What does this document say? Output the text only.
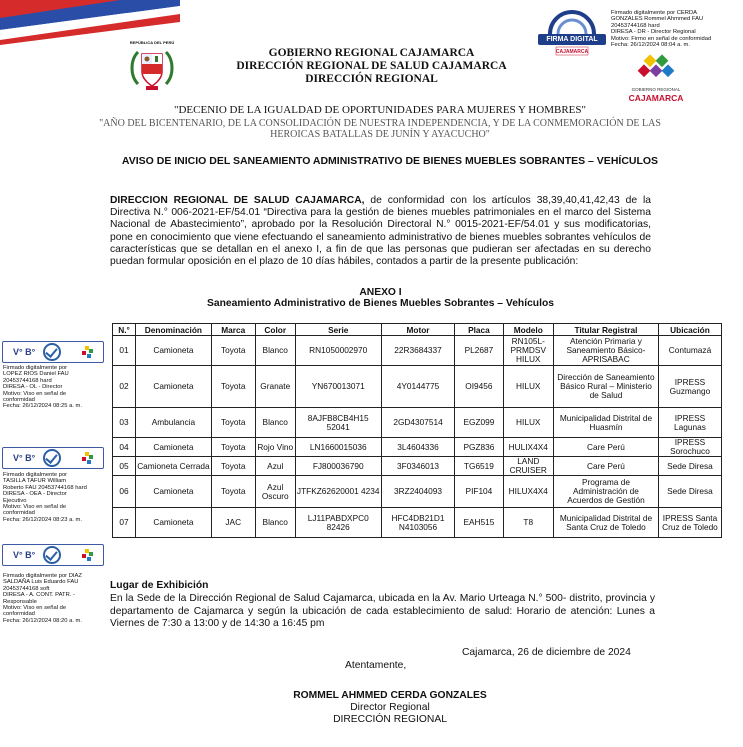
REPÚBLICA DEL PERÚ
GOBIERNO REGIONAL CAJAMARCA
DIRECCIÓN REGIONAL DE SALUD CAJAMARCA
DIRECCIÓN REGIONAL
FIRMA DIGITAL
CAJAMARCA
Firmado digitalmente por CERDA
GONZALES Rommel Ahmmed FAU
20453744168 hard
DIRESA - DR - Director Regional
Motivo: Firmo en señal de conformidad
Fecha: 26/12/2024 08:04 a. m.
GOBIERNO REGIONAL
CAJAMARCA
"DECENIO DE LA IGUALDAD DE OPORTUNIDADES PARA MUJERES Y HOMBRES"
"AÑO DEL BICENTENARIO, DE LA CONSOLIDACIÓN DE NUESTRA INDEPENDENCIA, Y DE LA CONMEMORACIÓN DE LAS HEROICAS BATALLAS DE JUNÍN Y AYACUCHO"
AVISO DE INICIO DEL SANEAMIENTO ADMINISTRATIVO DE BIENES MUEBLES SOBRANTES – VEHÍCULOS
DIRECCION REGIONAL DE SALUD CAJAMARCA, de conformidad con los artículos 38,39,40,41,42,43 de la Directiva N.° 006-2021-EF/54.01 “Directiva para la gestión de bienes muebles patrimoniales en el marco del Sistema Nacional de Abastecimiento”, aprobado por la Resolución Directoral N.° 0015-2021-EF/54.01 y sus modificatorias, pone en conocimiento que viene efectuando el saneamiento administrativo de bienes muebles sobrantes vehículos de características que se detallan en el anexo I, a fin de que las personas que pudieran ser afectadas en su derecho puedan formular oposición en el plazo de 10 días hábiles, contados a partir de la presente publicación:
ANEXO I
Saneamiento Administrativo de Bienes Muebles Sobrantes – Vehículos
N.°	Denominación	Marca	Color	Serie	Motor	Placa	Modelo	Titular Registral	Ubicación
01	Camioneta	Toyota	Blanco	RN1050002970	22R3684337	PL2687	RN105L-PRMDSV HILUX	Atención Primaria y Saneamiento Básico-APRISABAC	Contumazá
02	Camioneta	Toyota	Granate	YN670013071	4Y0144775	OI9456	HILUX	Dirección de Saneamiento Básico Rural – Ministerio de Salud	IPRESS Guzmango
03	Ambulancia	Toyota	Blanco	8AJFB8CB4H15 52041	2GD4307514	EGZ099	HILUX	Municipalidad Distrital de Huasmín	IPRESS Lagunas
04	Camioneta	Toyota	Rojo Vino	LN1660015036	3L4604336	PGZ836	HULIX4X4	Care Perú	IPRESS Sorochuco
05	Camioneta Cerrada	Toyota	Azul	FJ800036790	3F0346013	TG6519	LAND CRUISER	Care Perú	Sede Diresa
06	Camioneta	Toyota	Azul Oscuro	JTFKZ62620001 4234	3RZ2404093	PIF104	HILUX4X4	Programa de Administración de Acuerdos de Gestión	Sede Diresa
07	Camioneta	JAC	Blanco	LJ11PABDXPC0 82426	HFC4DB21D1 N4103056	EAH515	T8	Municipalidad Distrital de Santa Cruz de Toledo	IPRESS Santa Cruz de Toledo
V° B°
Firmado digitalmente por
LOPEZ RIOS Daniel FAU
20453744168 hard
DIRESA - OL - Director
Motivo: Viso en señal de
conformidad
Fecha: 26/12/2024 08:25 a. m.
V° B°
Firmado digitalmente por
TASILLA TAFUR William
Roberto FAU 20453744168 hard
DIRESA - OEA - Director
Ejecutivo
Motivo: Viso en señal de
conformidad
Fecha: 26/12/2024 08:23 a. m.
V° B°
Firmado digitalmente por DIAZ
SALDAÑA Luis Eduardo FAU
20453744168 soft
DIRESA - A. CONT. PATR. -
Responsable
Motivo: Viso en señal de
conformidad
Fecha: 26/12/2024 08:20 a. m.
Lugar de Exhibición
En la Sede de la Dirección Regional de Salud Cajamarca, ubicada en la Av. Mario Urteaga N.° 500- distrito, provincia y departamento de Cajamarca y según la ubicación de cada establecimiento de salud: Horario de atención: Lunes a Viernes de 7:30 a 13:00 y de 14:30 a 16:45 pm
Cajamarca, 26 de diciembre de 2024
Atentamente,
ROMMEL AHMMED CERDA GONZALES
Director Regional
DIRECCIÓN REGIONAL
